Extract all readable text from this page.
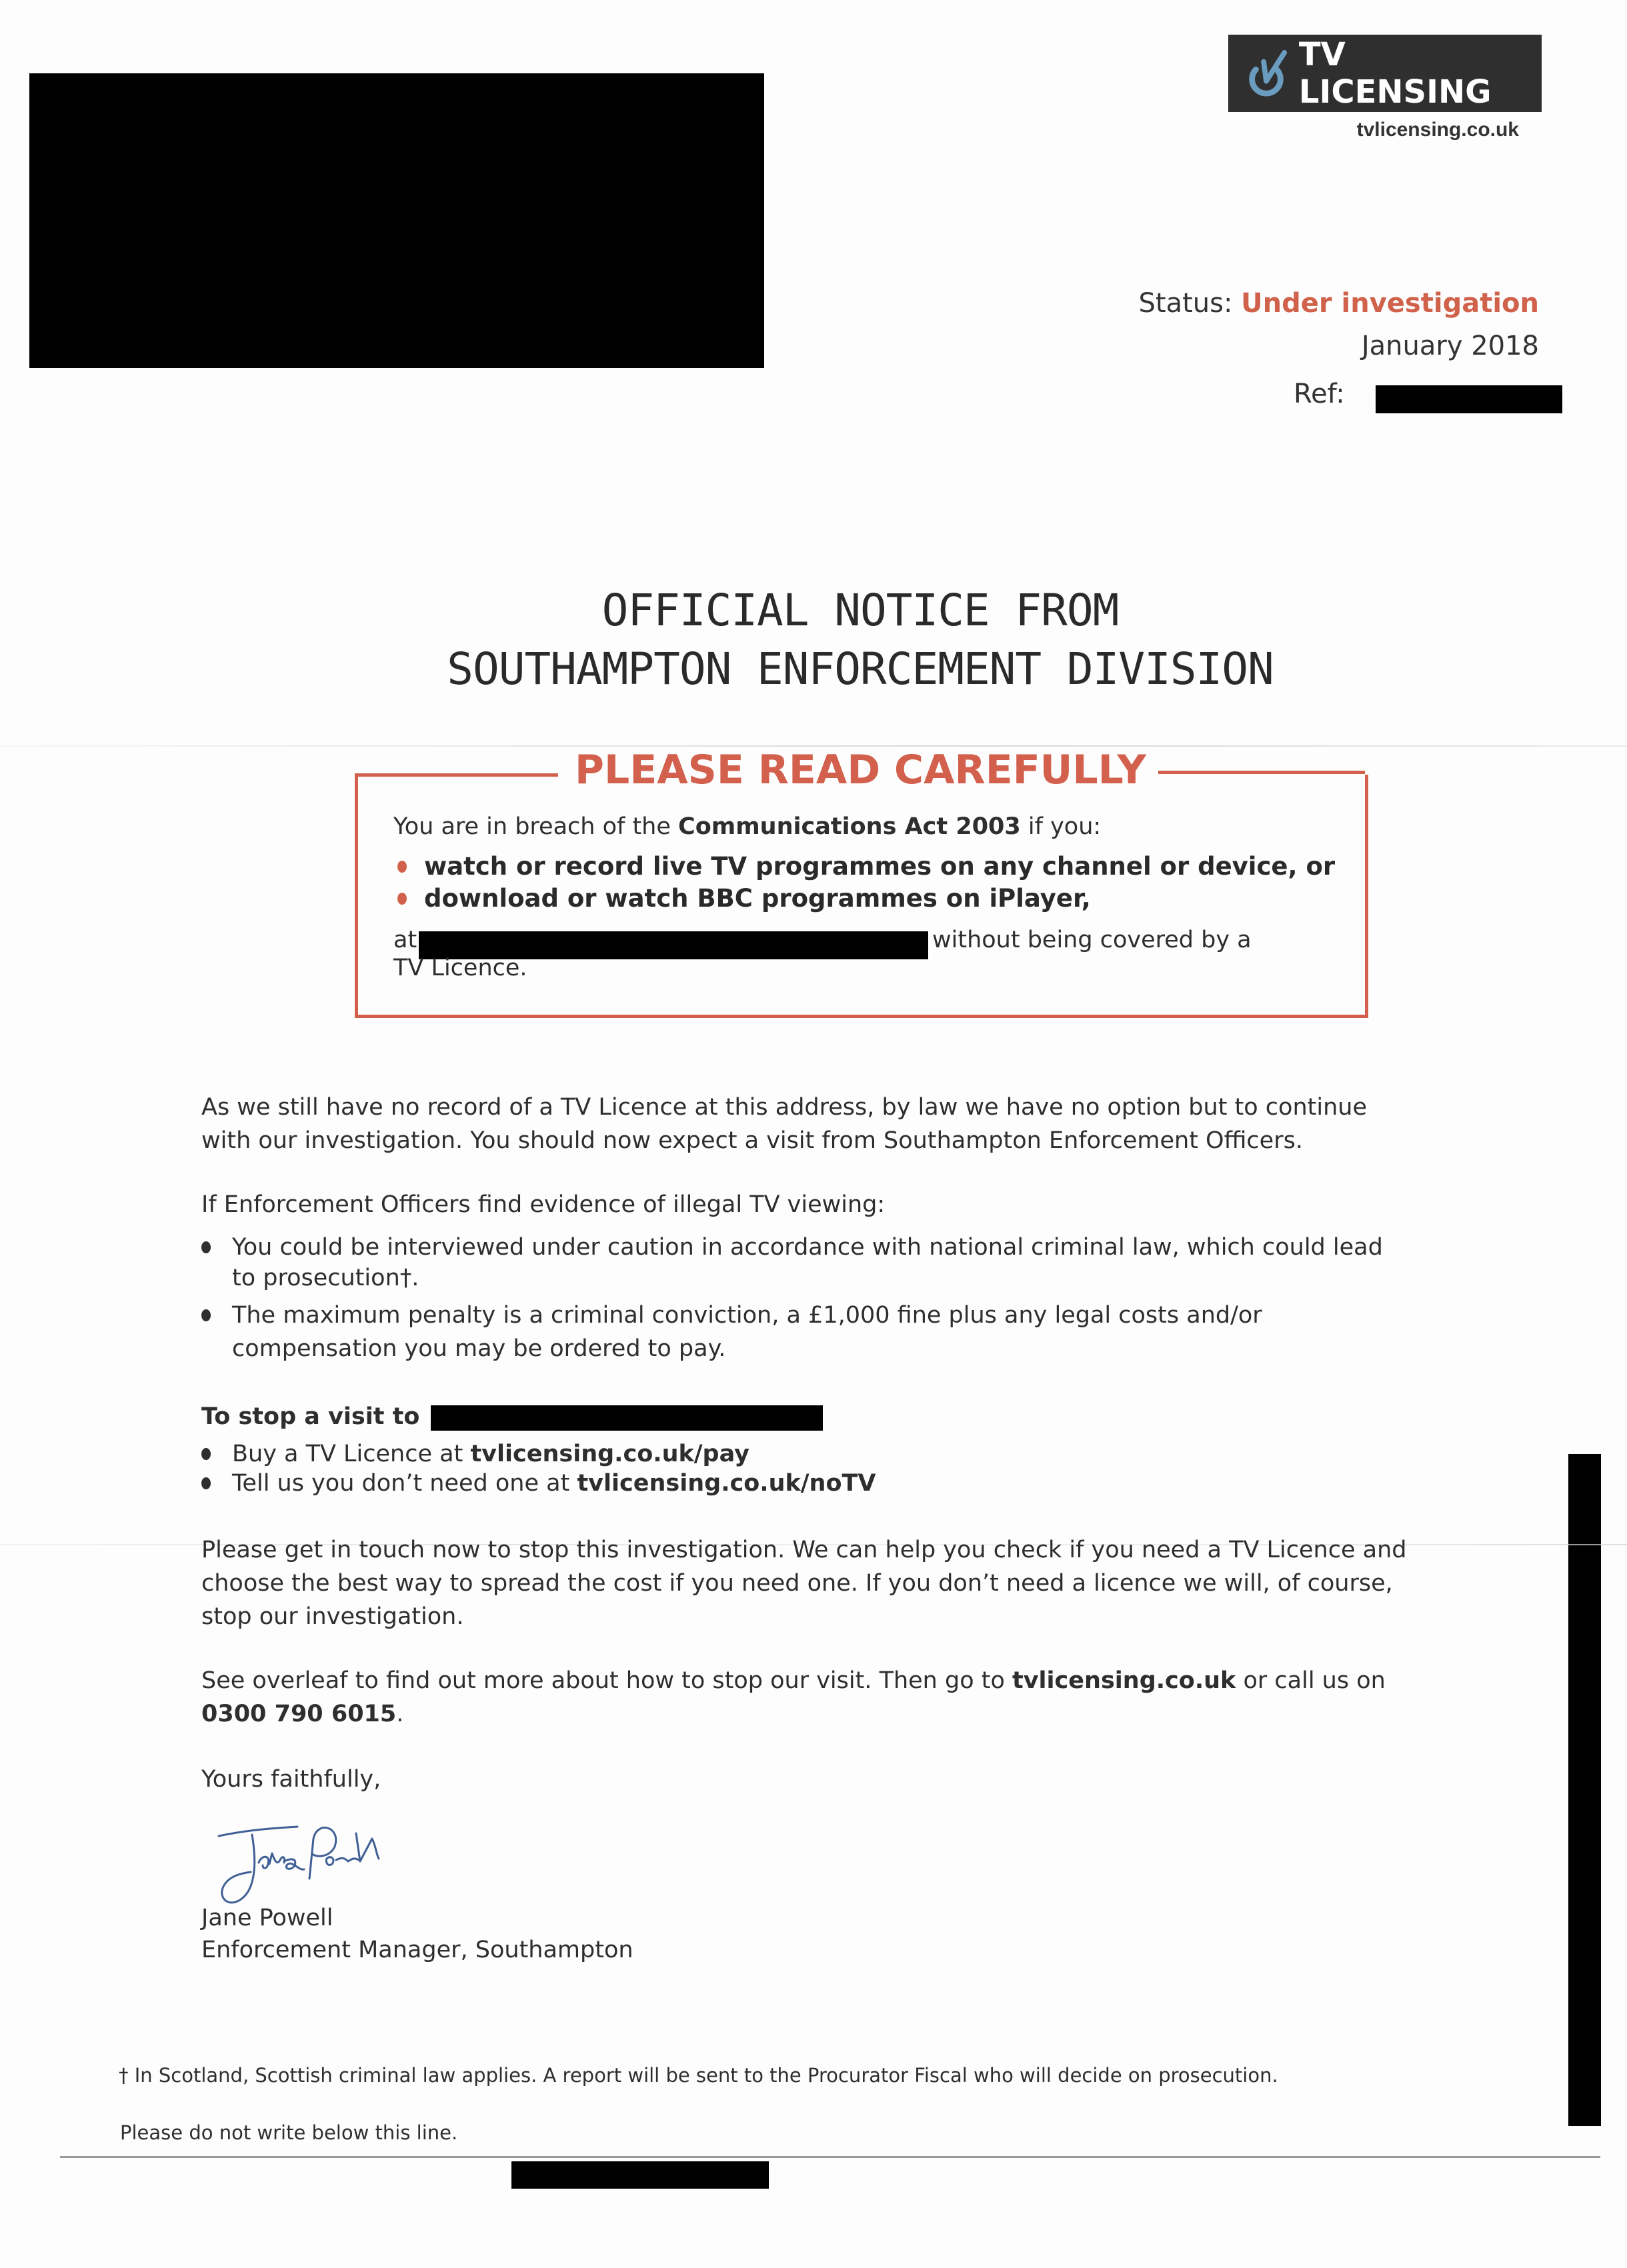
TV LICENSING
tvlicensing.co.uk
Status: Under investigation
January 2018
Ref:
OFFICIAL NOTICE FROM
SOUTHAMPTON ENFORCEMENT DIVISION
PLEASE READ CAREFULLY
You are in breach of the Communications Act 2003 if you:
watch or record live TV programmes on any channel or device, or
download or watch BBC programmes on iPlayer,
at	without being covered by a
TV Licence.
As we still have no record of a TV Licence at this address, by law we have no option but to continue
with our investigation. You should now expect a visit from Southampton Enforcement Officers.
If Enforcement Officers find evidence of illegal TV viewing:
You could be interviewed under caution in accordance with national criminal law, which could lead
to prosecution†.
The maximum penalty is a criminal conviction, a £1,000 fine plus any legal costs and/or
compensation you may be ordered to pay.
To stop a visit to
Buy a TV Licence at tvlicensing.co.uk/pay
Tell us you don’t need one at tvlicensing.co.uk/noTV
Please get in touch now to stop this investigation. We can help you check if you need a TV Licence and
choose the best way to spread the cost if you need one. If you don’t need a licence we will, of course,
stop our investigation.
See overleaf to find out more about how to stop our visit. Then go to tvlicensing.co.uk or call us on
0300 790 6015.
Yours faithfully,
Jane Powell
Enforcement Manager, Southampton
† In Scotland, Scottish criminal law applies. A report will be sent to the Procurator Fiscal who will decide on prosecution.
Please do not write below this line.
